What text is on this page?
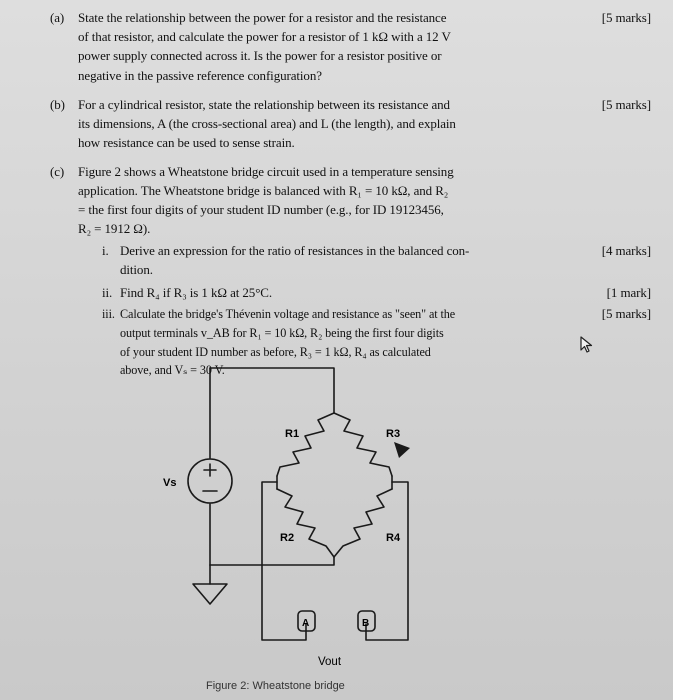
(a) State the relationship between the power for a resistor and the resistance
of that resistor, and calculate the power for a resistor of 1 kΩ with a 12 V
power supply connected across it. Is the power for a resistor positive or
negative in the passive reference configuration?
[5 marks]
(b) For a cylindrical resistor, state the relationship between its resistance and
its dimensions, A (the cross-sectional area) and L (the length), and explain
how resistance can be used to sense strain.
[5 marks]
(c) Figure 2 shows a Wheatstone bridge circuit used in a temperature sensing
application. The Wheatstone bridge is balanced with R₁ = 10 kΩ, and R₂
= the first four digits of your student ID number (e.g., for ID 19123456,
R₂ = 1912 Ω).
i. Derive an expression for the ratio of resistances in the balanced con-
dition.
[4 marks]
ii. Find R₄ if R₃ is 1 kΩ at 25°C.	[1 mark]
iii. Calculate the bridge's Thévenin voltage and resistance as "seen" at the
output terminals v_AB for R₁ = 10 kΩ, R₂ being the first four digits
of your student ID number as before, R₃ = 1 kΩ, R₄ as calculated
above, and Vₛ = 30 V.
[5 marks]
R1	R3
R2	R4
Vs
A	B
Vout
Figure 2: Wheatstone bridge
